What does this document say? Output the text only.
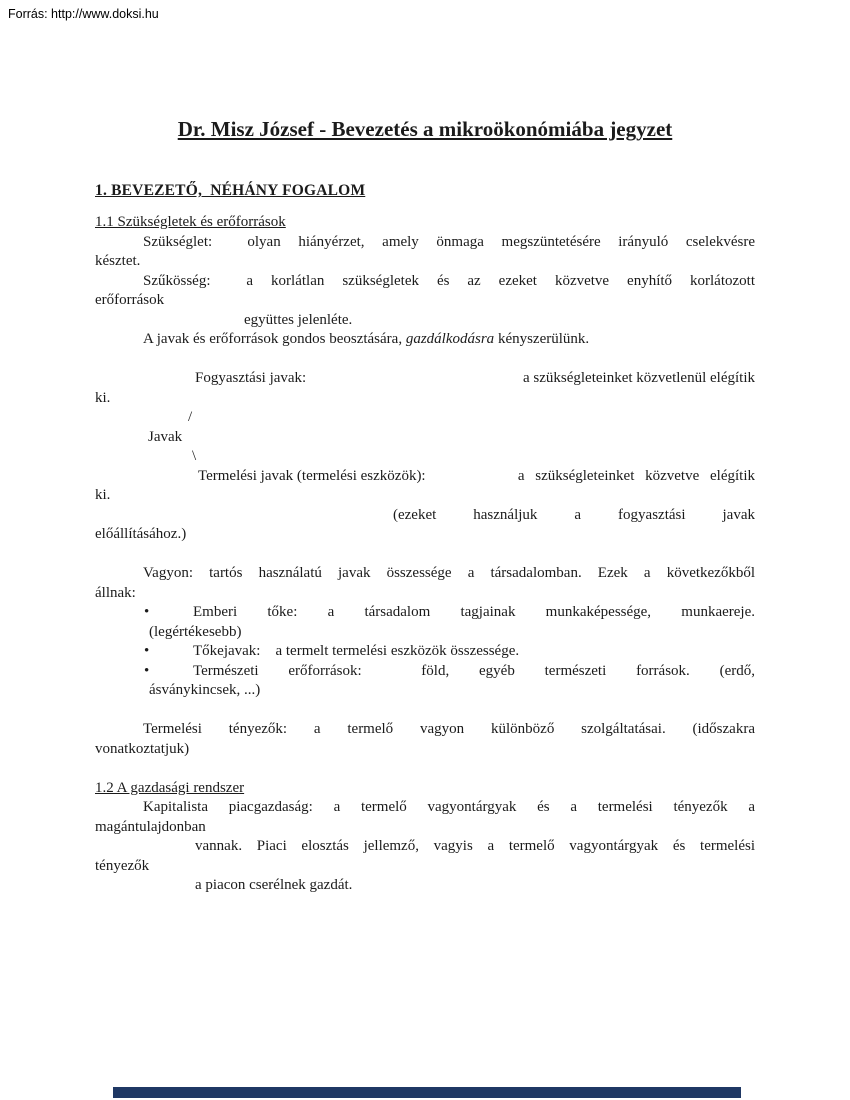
Forrás: http://www.doksi.hu
Dr. Misz József - Bevezetés a mikroökonómiába jegyzet
1. BEVEZETŐ,  NÉHÁNY FOGALOM
1.1 Szükségletek és erőforrások
Szükséglet:  olyan hiányérzet, amely önmaga megszüntetésére irányuló cselekvésre
késztet.
Szűkösség:  a korlátlan szükségletek és az ezeket közvetve enyhítő korlátozott
erőforrások
együttes jelenléte.
A javak és erőforrások gondos beosztására, gazdálkodásra kényszerülünk.
Fogyasztási javak:	a szükségleteinket közvetlenül elégítik
ki.
/
Javak
\
Termelési javak (termelési eszközök):	a szükségleteinket közvetve elégítik
ki.
(ezeket használjuk a fogyasztási javak
előállításához.)
Vagyon: tartós használatú javak összessége a társadalomban. Ezek a következőkből
állnak:
•	Emberi tőke: a társadalom tagjainak munkaképessége, munkaereje.
(legértékesebb)
•	Tőkejavak:    a termelt termelési eszközök összessége.
•	Természeti erőforrások:  föld, egyéb természeti források. (erdő,
ásványkincsek, ...)
Termelési tényezők: a termelő vagyon különböző szolgáltatásai. (időszakra
vonatkoztatjuk)
1.2 A gazdasági rendszer
Kapitalista piacgazdaság: a termelő vagyontárgyak és a termelési tényezők a
magántulajdonban
vannak. Piaci elosztás jellemző, vagyis a termelő vagyontárgyak és termelési
tényezők
a piacon cserélnek gazdát.
